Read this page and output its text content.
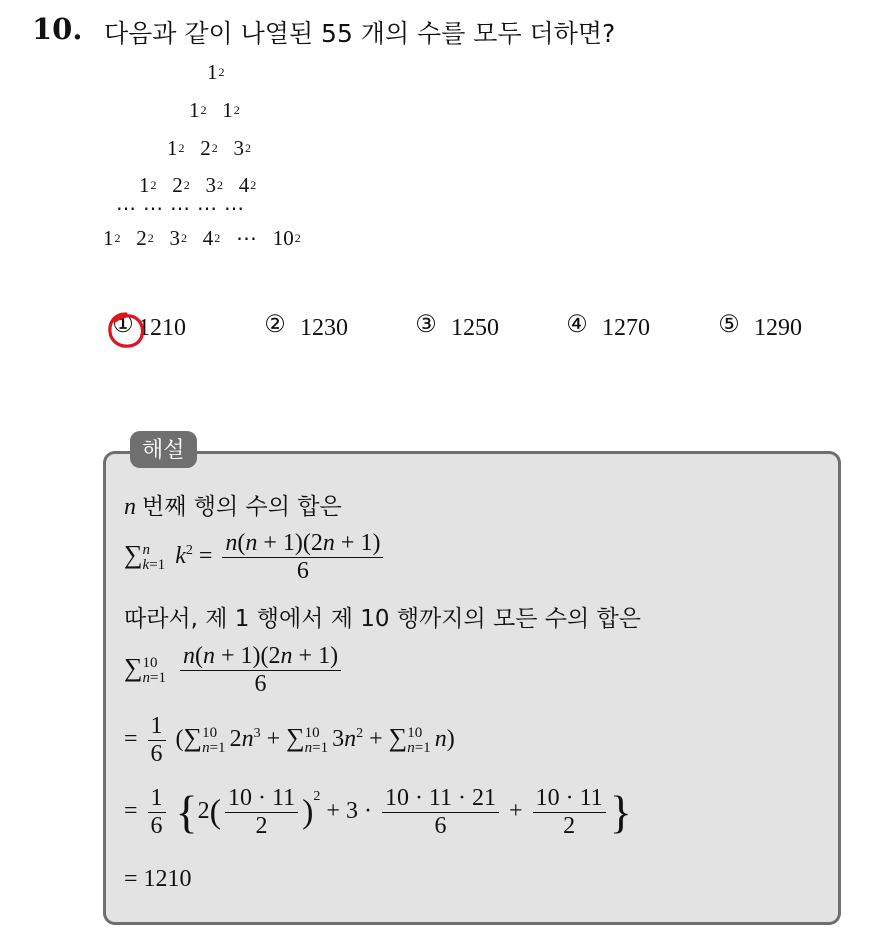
10. 다음과 같이 나열된 55 개의 수를 모두 더하면?
$1^2$
$1^2$ $1^2$
$1^2$ $2^2$ $3^2$
$1^2$ $2^2$ $3^2$ $4^2$
⋯ ⋯ ⋯ ⋯ ⋯
$1^2$ $2^2$ $3^2$ $4^2$ ⋯ $10^2$
① 1210	② 1230	③ 1250	④ 1270	⑤ 1290
해설
n 번째 행의 수의 합은
∑ n
k=1 $k^2 = \frac{n(n + 1)(2n + 1)}{6}$
따라서, 제 1 행에서 제 10 행까지의 모든 수의 합은
∑ 10
n=1
$\frac{n(n + 1)(2n + 1)}{6}$
= $\frac{1}{6}$ (∑ 10
n=1 $2n^3$ + ∑ 10
n=1 $3n^2$ + ∑ 10
n=1 n)
= $\frac{1}{6} \{2( \frac{10 \cdot 11}{2} )^2 + 3 \cdot \frac{10 \cdot 11 \cdot 21}{6} + \frac{10 \cdot 11}{2}$ }
= 1210
